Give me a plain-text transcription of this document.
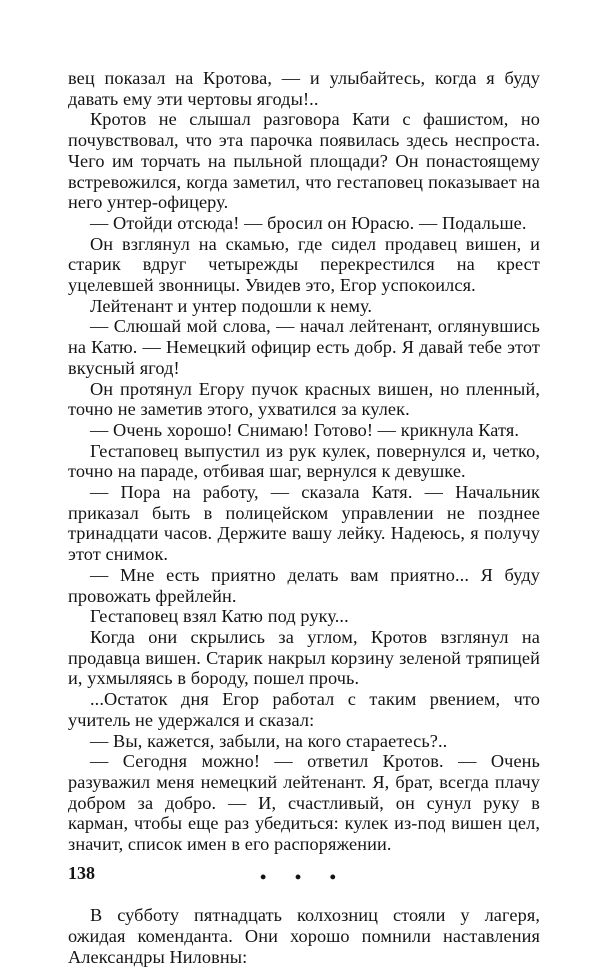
вец показал на Кротова, — и улыбайтесь, когда я буду давать ему эти чертовы ягоды!..

Кротов не слышал разговора Кати с фашистом, но почувствовал, что эта парочка появилась здесь неспроста. Чего им торчать на пыльной площади? Он понастоящему встревожился, когда заметил, что гестаповец показывает на него унтер-офицеру.

— Отойди отсюда! — бросил он Юрасю. — Подальше.

Он взглянул на скамью, где сидел продавец вишен, и старик вдруг четырежды перекрестился на крест уцелевшей звонницы. Увидев это, Егор успокоился.

Лейтенант и унтер подошли к нему.

— Слюшай мой слова, — начал лейтенант, оглянувшись на Катю. — Немецкий официр есть добр. Я давай тебе этот вкусный ягод!

Он протянул Егору пучок красных вишен, но пленный, точно не заметив этого, ухватился за кулек.

— Очень хорошо! Снимаю! Готово! — крикнула Катя.

Гестаповец выпустил из рук кулек, повернулся и, четко, точно на параде, отбивая шаг, вернулся к девушке.

— Пора на работу, — сказала Катя. — Начальник приказал быть в полицейском управлении не позднее тринадцати часов. Держите вашу лейку. Надеюсь, я получу этот снимок.

— Мне есть приятно делать вам приятно... Я буду провожать фрейлейн.

Гестаповец взял Катю под руку...

Когда они скрылись за углом, Кротов взглянул на продавца вишен. Старик накрыл корзину зеленой тряпицей и, ухмыляясь в бороду, пошел прочь.

...Остаток дня Егор работал с таким рвением, что учитель не удержался и сказал:

— Вы, кажется, забыли, на кого стараетесь?..

— Сегодня можно! — ответил Кротов. — Очень разуважил меня немецкий лейтенант. Я, брат, всегда плачу добром за добро. — И, счастливый, он сунул руку в карман, чтобы еще раз убедиться: кулек из-под вишен цел, значит, список имен в его распоряжении.

• • •

В субботу пятнадцать колхозниц стояли у лагеря, ожидая коменданта. Они хорошо помнили наставления Александры Ниловны:

138
